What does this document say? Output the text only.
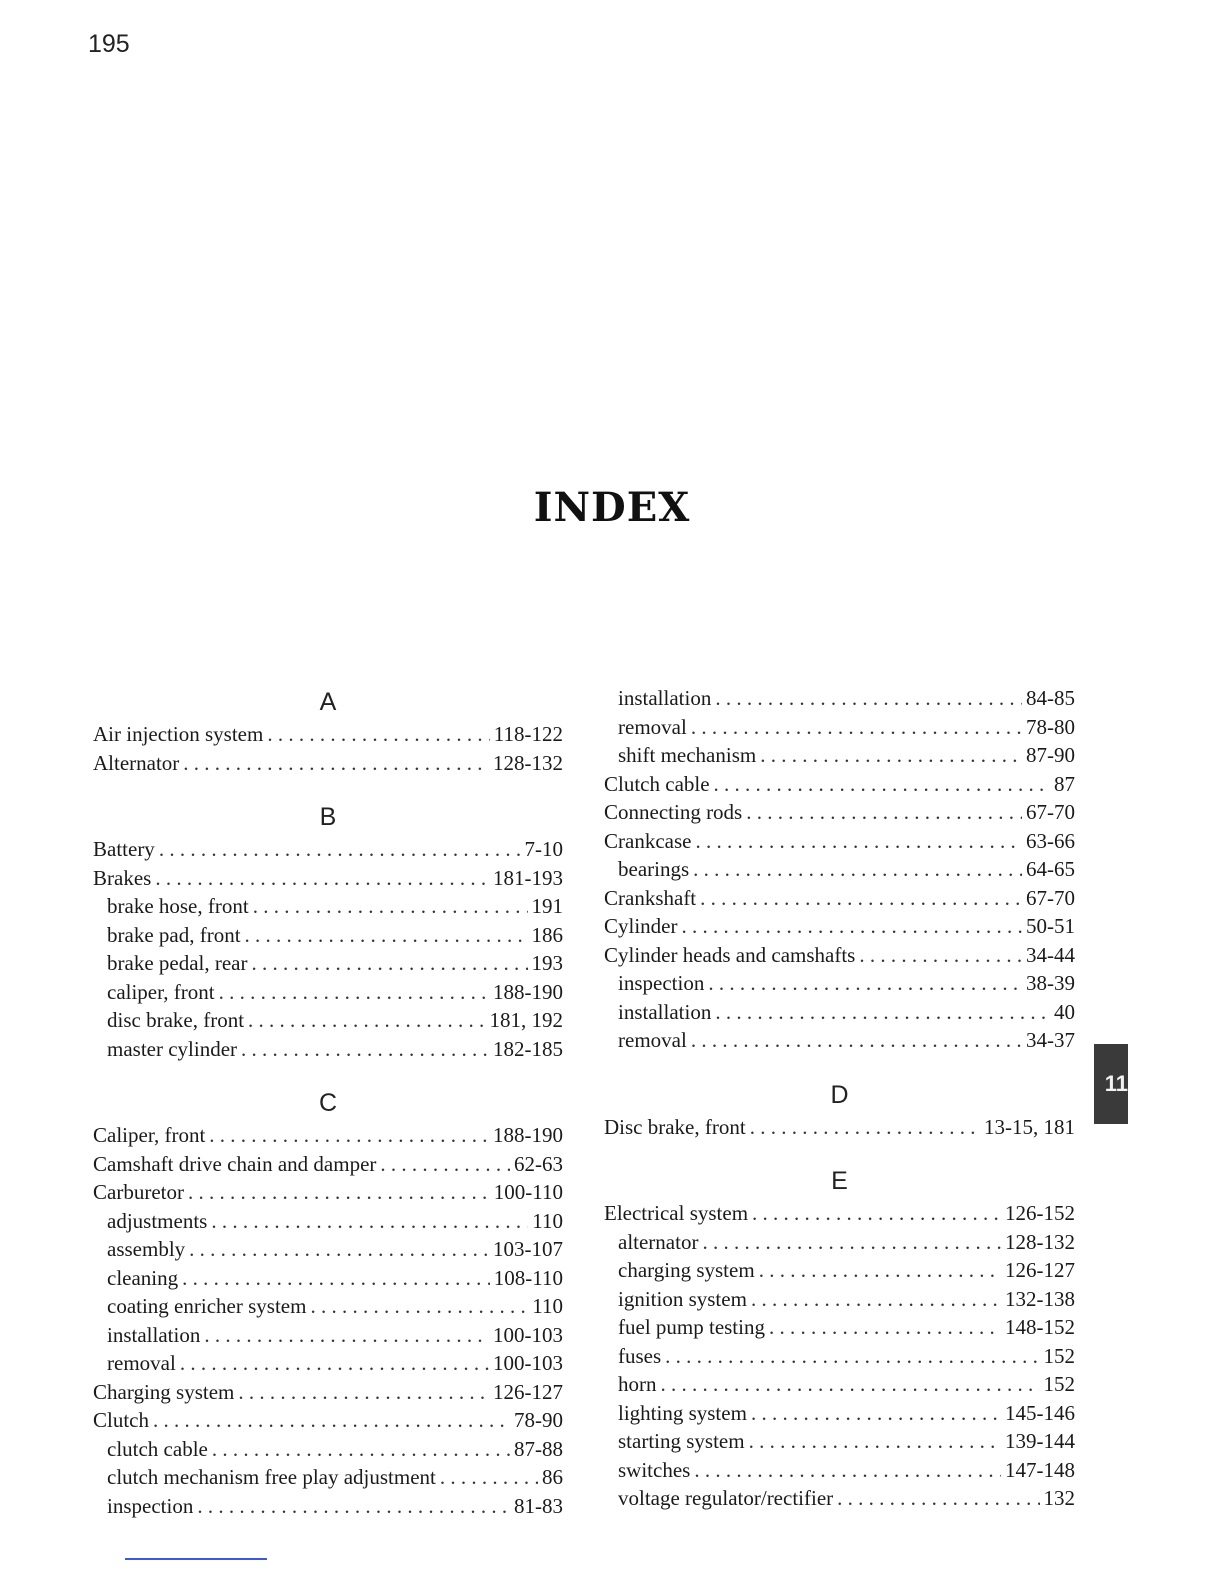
195
INDEX
A
Air injection system . . .	118-122
Alternator . . .	128-132
B
Battery . . .	7-10
Brakes . . .	181-193
brake hose, front . . .	191
brake pad, front . . .	186
brake pedal, rear . . .	193
caliper, front . . .	188-190
disc brake, front . . .	181, 192
master cylinder . . .	182-185
C
Caliper, front . . .	188-190
Camshaft drive chain and damper . . .	62-63
Carburetor . . .	100-110
adjustments . . .	110
assembly . . .	103-107
cleaning . . .	108-110
coating enricher system . . .	110
installation . . .	100-103
removal . . .	100-103
Charging system . . .	126-127
Clutch . . .	78-90
clutch cable . . .	87-88
clutch mechanism free play adjustment . . .	86
inspection . . .	81-83
installation . . .	84-85
removal . . .	78-80
shift mechanism . . .	87-90
Clutch cable . . .	87
Connecting rods . . .	67-70
Crankcase . . .	63-66
bearings . . .	64-65
Crankshaft . . .	67-70
Cylinder . . .	50-51
Cylinder heads and camshafts . . .	34-44
inspection . . .	38-39
installation . . .	40
removal . . .	34-37
D
Disc brake, front . . .	13-15, 181
E
Electrical system . . .	126-152
alternator . . .	128-132
charging system . . .	126-127
ignition system . . .	132-138
fuel pump testing . . .	148-152
fuses . . .	152
horn . . .	152
lighting system . . .	145-146
starting system . . .	139-144
switches . . .	147-148
voltage regulator/rectifier . . .	132
11
